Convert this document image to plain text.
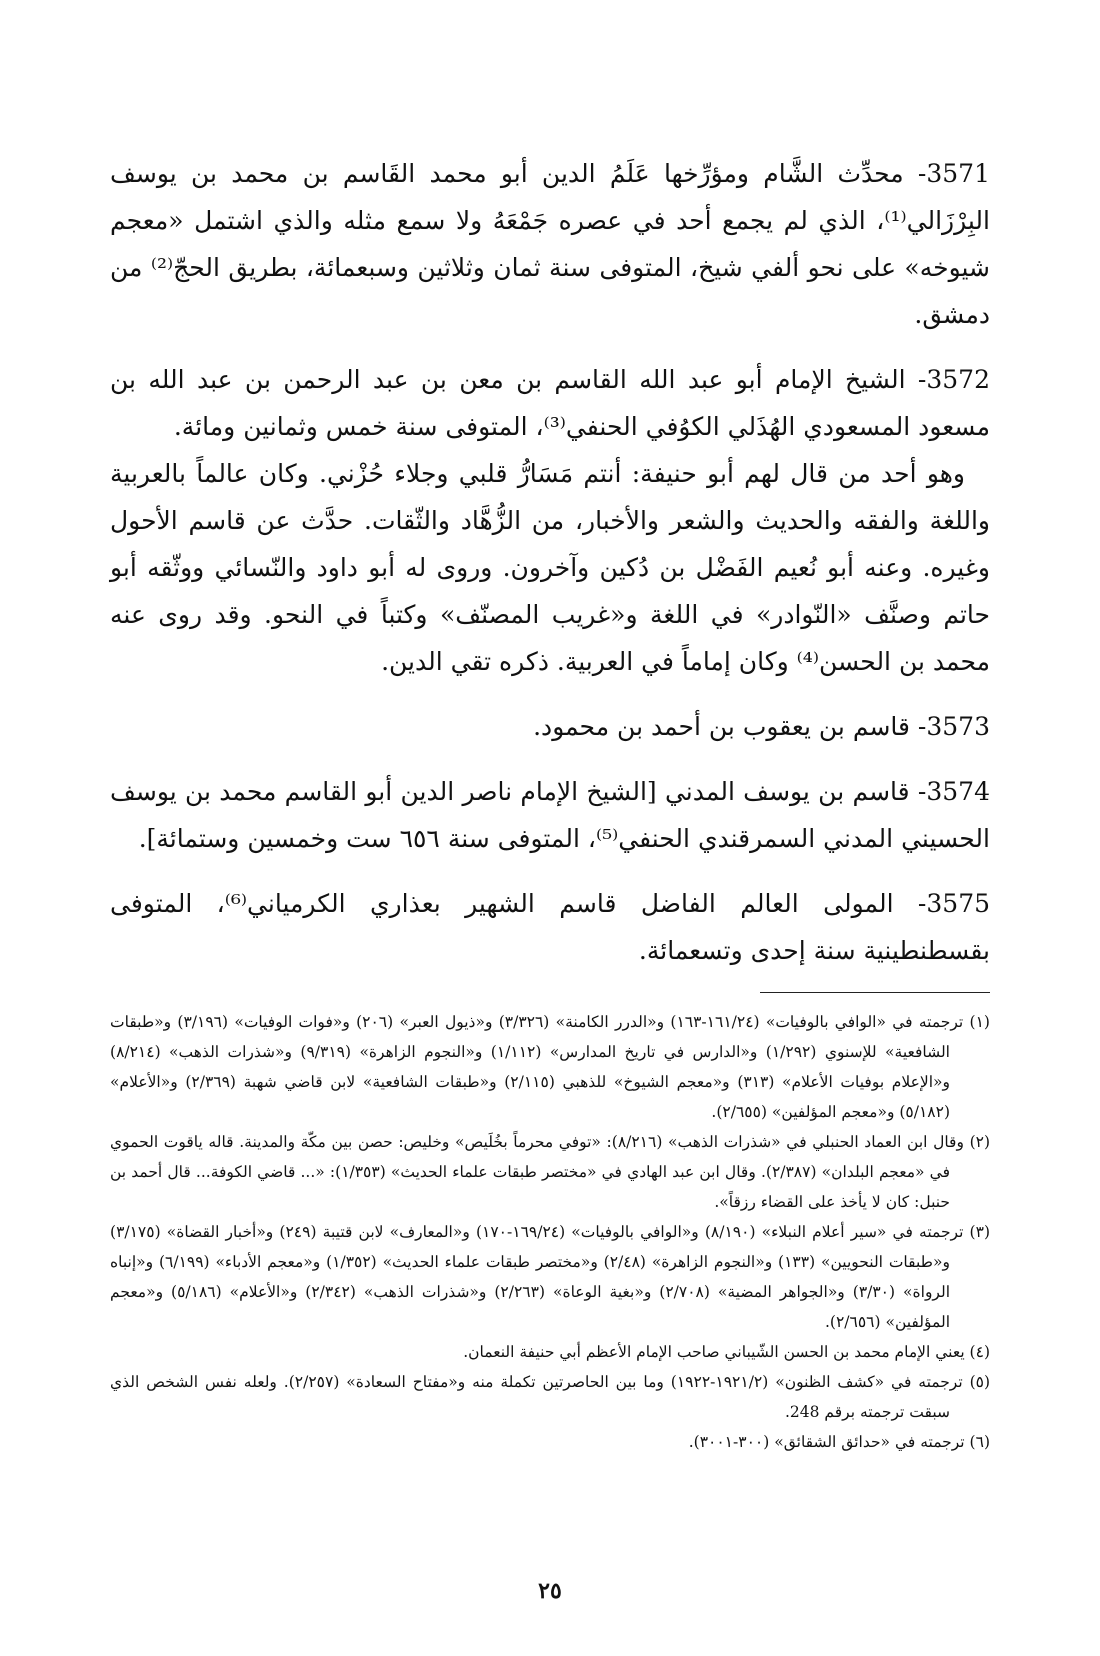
3571- محدِّث الشَّام ومؤرِّخها عَلَمُ الدين أبو محمد القَاسم بن محمد بن يوسف البِرْزَالي⁽¹⁾، الذي لم يجمع أحد في عصره جَمْعَهُ ولا سمع مثله والذي اشتمل «معجم شيوخه» على نحو ألفي شيخ، المتوفى سنة ثمان وثلاثين وسبعمائة، بطريق الحجّ⁽²⁾ من دمشق.
3572- الشيخ الإمام أبو عبد الله القاسم بن معن بن عبد الرحمن بن عبد الله بن مسعود المسعودي الهُذَلي الكوُفي الحنفي⁽³⁾، المتوفى سنة خمس وثمانين ومائة.
وهو أحد من قال لهم أبو حنيفة: أنتم مَسَارُّ قلبي وجلاء حُزْني. وكان عالماً بالعربية واللغة والفقه والحديث والشعر والأخبار، من الزُّهَّاد والثّقات. حدَّث عن قاسم الأحول وغيره. وعنه أبو نُعيم الفَضْل بن دُكين وآخرون. وروى له أبو داود والنّسائي ووثّقه أبو حاتم وصنَّف «النّوادر» في اللغة و«غريب المصنّف» وكتباً في النحو. وقد روى عنه محمد بن الحسن⁽⁴⁾ وكان إماماً في العربية. ذكره تقي الدين.
3573- قاسم بن يعقوب بن أحمد بن محمود.
3574- قاسم بن يوسف المدني [الشيخ الإمام ناصر الدين أبو القاسم محمد بن يوسف الحسيني المدني السمرقندي الحنفي⁽⁵⁾، المتوفى سنة ٦٥٦ ست وخمسين وستمائة].
3575- المولى العالم الفاضل قاسم الشهير بعذاري الكرمياني⁽⁶⁾، المتوفى بقسطنطينية سنة إحدى وتسعمائة.
(١) ترجمته في «الوافي بالوفيات» (١٦١/٢٤-١٦٣) و«الدرر الكامنة» (٣/٣٢٦) و«ذيول العبر» (٢٠٦) و«فوات الوفيات» (٣/١٩٦) و«طبقات الشافعية» للإسنوي (١/٢٩٢) و«الدارس في تاريخ المدارس» (١/١١٢) و«النجوم الزاهرة» (٩/٣١٩) و«شذرات الذهب» (٨/٢١٤) و«الإعلام بوفيات الأعلام» (٣١٣) و«معجم الشيوخ» للذهبي (٢/١١٥) و«طبقات الشافعية» لابن قاضي شهبة (٢/٣٦٩) و«الأعلام» (٥/١٨٢) و«معجم المؤلفين» (٢/٦٥٥).
(٢) وقال ابن العماد الحنبلي في «شذرات الذهب» (٨/٢١٦): «توفي محرماً بخُلَيص» وخليص: حصن بين مكّة والمدينة. قاله ياقوت الحموي في «معجم البلدان» (٢/٣٨٧). وقال ابن عبد الهادي في «مختصر طبقات علماء الحديث» (١/٣٥٣): «... قاضي الكوفة... قال أحمد بن حنبل: كان لا يأخذ على القضاء رزقاً».
(٣) ترجمته في «سير أعلام النبلاء» (٨/١٩٠) و«الوافي بالوفيات» (١٦٩/٢٤-١٧٠) و«المعارف» لابن قتيبة (٢٤٩) و«أخبار القضاة» (٣/١٧٥) و«طبقات النحويين» (١٣٣) و«النجوم الزاهرة» (٢/٤٨) و«مختصر طبقات علماء الحديث» (١/٣٥٢) و«معجم الأدباء» (٦/١٩٩) و«إنباه الرواة» (٣/٣٠) و«الجواهر المضية» (٢/٧٠٨) و«بغية الوعاة» (٢/٢٦٣) و«شذرات الذهب» (٢/٣٤٢) و«الأعلام» (٥/١٨٦) و«معجم المؤلفين» (٢/٦٥٦).
(٤) يعني الإمام محمد بن الحسن الشّيباني صاحب الإمام الأعظم أبي حنيفة النعمان.
(٥) ترجمته في «كشف الظنون» (١٩٢١/٢-١٩٢٢) وما بين الحاصرتين تكملة منه و«مفتاح السعادة» (٢/٢٥٧). ولعله نفس الشخص الذي سبقت ترجمته برقم 248.
(٦) ترجمته في «حدائق الشقائق» (٣٠٠-٣٠٠١).
٢٥
